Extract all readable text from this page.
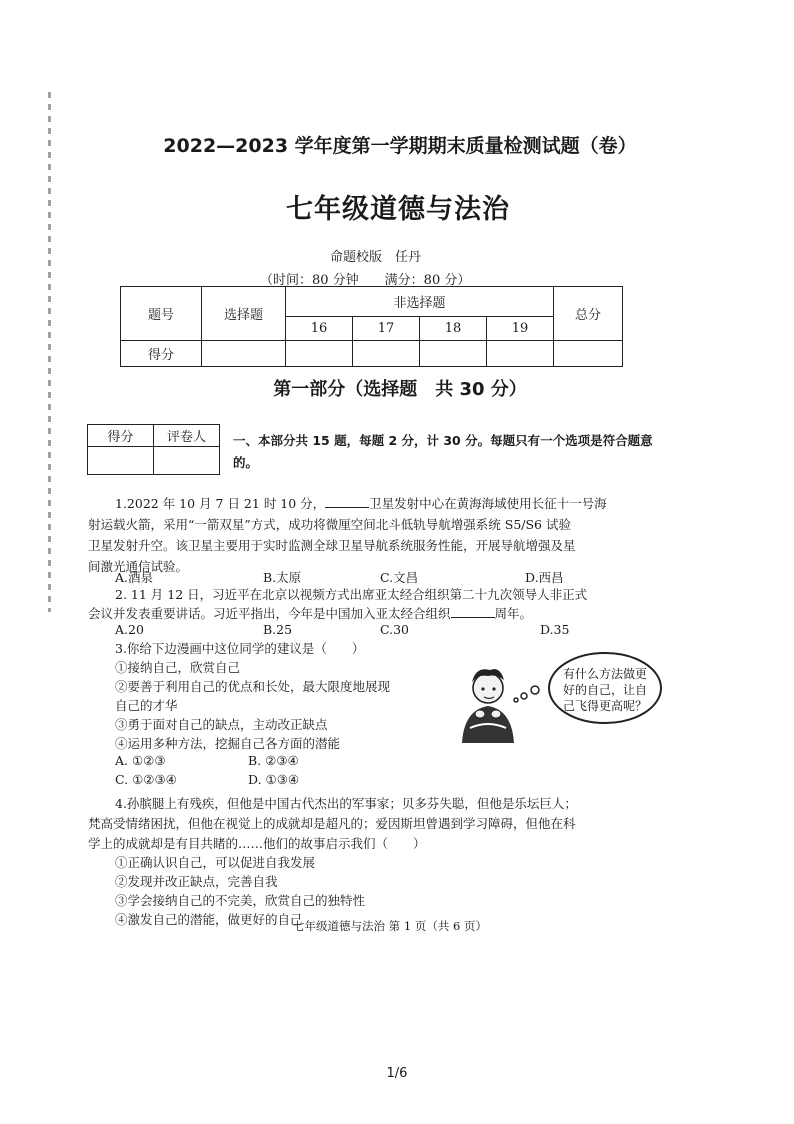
2022—2023 学年度第一学期期末质量检测试题（卷）
七年级道德与法治
命题校版　任丹
（时间：80 分钟　　满分：80 分）
题号	选择题	非选择题				总分
		16	17	18	19	
得分						
第一部分（选择题　共 30 分）
得分	评卷人
	一、本部分共 15 题，每题 2 分，计 30 分。每题只有一个选项是符合题意的。
1.2022 年 10 月 7 日 21 时 10 分，	卫星发射中心在黄海海域使用长征十一号海
射运载火箭，采用“一箭双星”方式，成功将微厘空间北斗低轨导航增强系统 S5/S6 试验
卫星发射升空。该卫星主要用于实时监测全球卫星导航系统服务性能，开展导航增强及星
间激光通信试验。
A.酒泉	B.太原	C.文昌	D.西昌
2. 11 月 12 日，习近平在北京以视频方式出席亚太经合组织第二十九次领导人非正式
会议并发表重要讲话。习近平指出，今年是中国加入亚太经合组织	周年。
A.20	B.25	C.30	D.35
3.你给下边漫画中这位同学的建议是（　　）
①接纳自己，欣赏自己
②要善于利用自己的优点和长处，最大限度地展现
自己的才华
③勇于面对自己的缺点，主动改正缺点
④运用多种方法，挖掘自己各方面的潜能
A. ①②③	B. ②③④
C. ①②③④	D. ①③④
有什么方法做更
好的自己，让自
己飞得更高呢？
4.孙膑腿上有残疾，但他是中国古代杰出的军事家；贝多芬失聪，但他是乐坛巨人；
梵高受情绪困扰，但他在视觉上的成就却是超凡的；爱因斯坦曾遇到学习障碍，但他在科
学上的成就却是有目共睹的……他们的故事启示我们（　　）
①正确认识自己，可以促进自我发展
②发现并改正缺点，完善自我
③学会接纳自己的不完美，欣赏自己的独特性
④激发自己的潜能，做更好的自己
七年级道德与法治 第 1 页（共 6 页）
1/6
